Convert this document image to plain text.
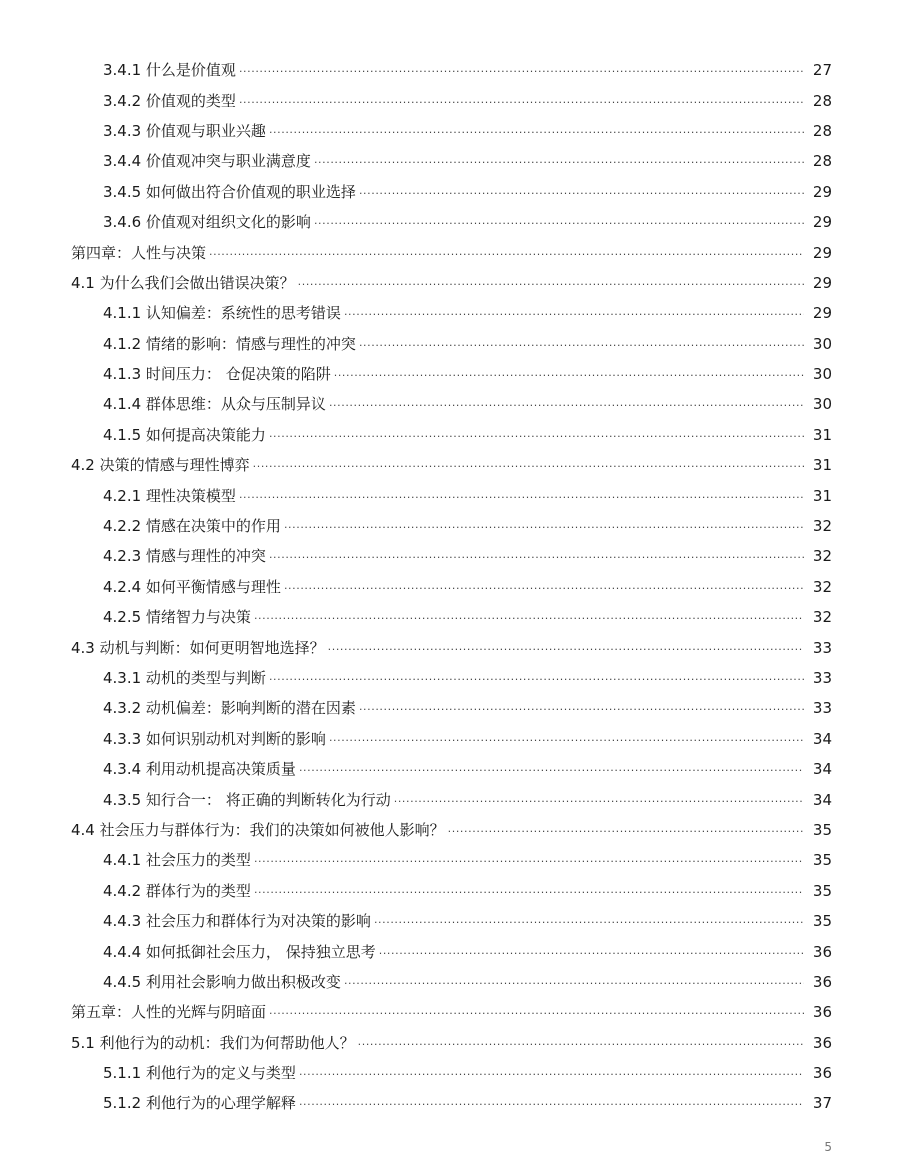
3.4.1 什么是价值观 .....	27
3.4.2 价值观的类型 .....	28
3.4.3 价值观与职业兴趣 .....	28
3.4.4 价值观冲突与职业满意度 .....	28
3.4.5 如何做出符合价值观的职业选择 .....	29
3.4.6 价值观对组织文化的影响 .....	29
第四章：人性与决策 .....	29
4.1 为什么我们会做出错误决策？ .....	29
4.1.1 认知偏差：系统性的思考错误 .....	29
4.1.2 情绪的影响：情感与理性的冲突 .....	30
4.1.3 时间压力： 仓促决策的陷阱 .....	30
4.1.4 群体思维：从众与压制异议 .....	30
4.1.5 如何提高决策能力 .....	31
4.2 决策的情感与理性博弈 .....	31
4.2.1 理性决策模型 .....	31
4.2.2 情感在决策中的作用 .....	32
4.2.3 情感与理性的冲突 .....	32
4.2.4 如何平衡情感与理性 .....	32
4.2.5 情绪智力与决策 .....	32
4.3 动机与判断：如何更明智地选择？ .....	33
4.3.1 动机的类型与判断 .....	33
4.3.2 动机偏差：影响判断的潜在因素 .....	33
4.3.3 如何识别动机对判断的影响 .....	34
4.3.4 利用动机提高决策质量 .....	34
4.3.5 知行合一： 将正确的判断转化为行动 .....	34
4.4 社会压力与群体行为：我们的决策如何被他人影响？ .....	35
4.4.1 社会压力的类型 .....	35
4.4.2 群体行为的类型 .....	35
4.4.3 社会压力和群体行为对决策的影响 .....	35
4.4.4 如何抵御社会压力， 保持独立思考 .....	36
4.4.5 利用社会影响力做出积极改变 .....	36
第五章：人性的光辉与阴暗面 .....	36
5.1 利他行为的动机：我们为何帮助他人？ .....	36
5.1.1 利他行为的定义与类型 .....	36
5.1.2 利他行为的心理学解释 .....	37
5
